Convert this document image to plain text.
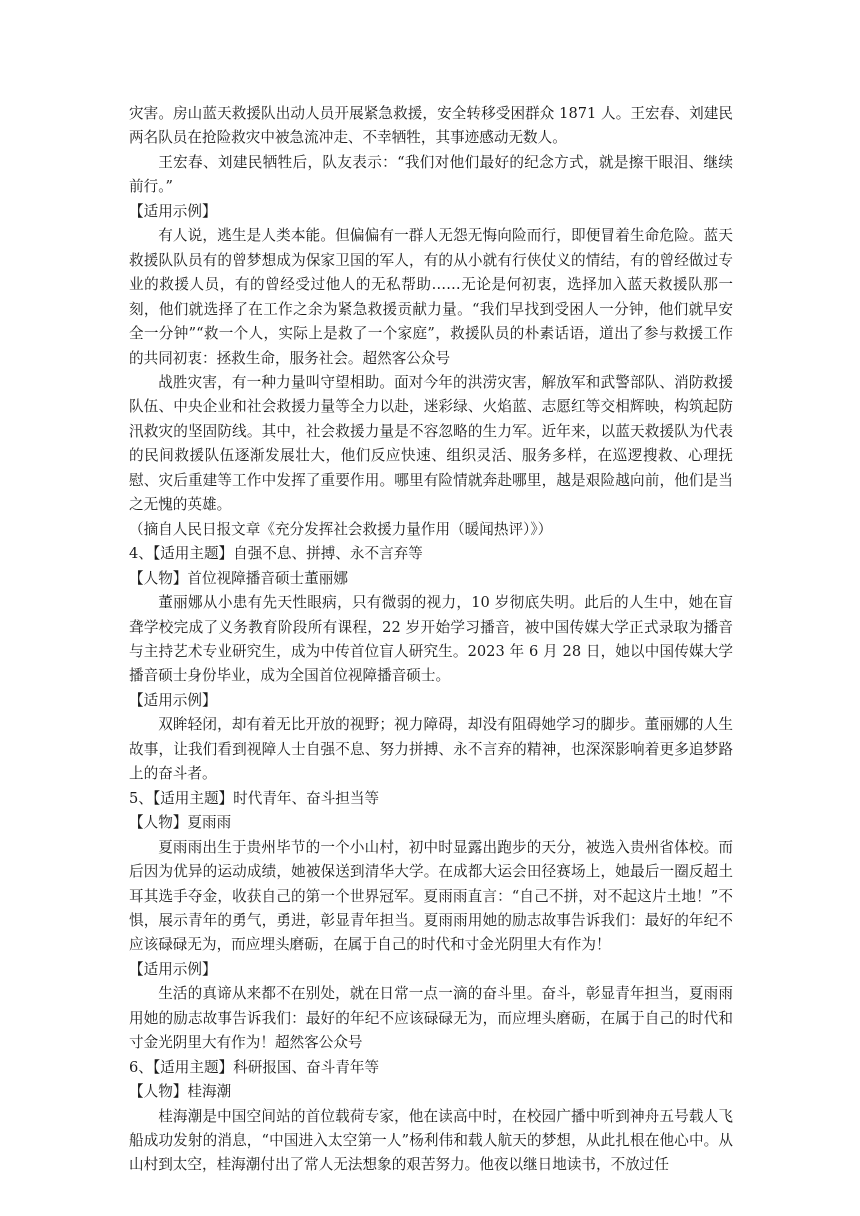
灾害。房山蓝天救援队出动人员开展紧急救援，安全转移受困群众 1871 人。王宏春、刘建民两名队员在抢险救灾中被急流冲走、不幸牺牲，其事迹感动无数人。

王宏春、刘建民牺牲后，队友表示：“我们对他们最好的纪念方式，就是擦干眼泪、继续前行。”

【适用示例】

有人说，逃生是人类本能。但偏偏有一群人无怨无悔向险而行，即便冒着生命危险。蓝天救援队队员有的曾梦想成为保家卫国的军人，有的从小就有行侠仗义的情结，有的曾经做过专业的救援人员，有的曾经受过他人的无私帮助……无论是何初衷，选择加入蓝天救援队那一刻，他们就选择了在工作之余为紧急救援贡献力量。“我们早找到受困人一分钟，他们就早安全一分钟”“救一个人，实际上是救了一个家庭”，救援队员的朴素话语，道出了参与救援工作的共同初衷：拯救生命，服务社会。超然客公众号

战胜灾害，有一种力量叫守望相助。面对今年的洪涝灾害，解放军和武警部队、消防救援队伍、中央企业和社会救援力量等全力以赴，迷彩绿、火焰蓝、志愿红等交相辉映，构筑起防汛救灾的坚固防线。其中，社会救援力量是不容忽略的生力军。近年来，以蓝天救援队为代表的民间救援队伍逐渐发展壮大，他们反应快速、组织灵活、服务多样，在巡逻搜救、心理抚慰、灾后重建等工作中发挥了重要作用。哪里有险情就奔赴哪里，越是艰险越向前，他们是当之无愧的英雄。

（摘自人民日报文章《充分发挥社会救援力量作用（暖闻热评）》）

4、【适用主题】自强不息、拼搏、永不言弃等

【人物】首位视障播音硕士董丽娜

董丽娜从小患有先天性眼病，只有微弱的视力，10 岁彻底失明。此后的人生中，她在盲聋学校完成了义务教育阶段所有课程，22 岁开始学习播音，被中国传媒大学正式录取为播音与主持艺术专业研究生，成为中传首位盲人研究生。2023 年 6 月 28 日，她以中国传媒大学播音硕士身份毕业，成为全国首位视障播音硕士。

【适用示例】

双眸轻闭，却有着无比开放的视野；视力障碍，却没有阻碍她学习的脚步。董丽娜的人生故事，让我们看到视障人士自强不息、努力拼搏、永不言弃的精神，也深深影响着更多追梦路上的奋斗者。

5、【适用主题】时代青年、奋斗担当等

【人物】夏雨雨

夏雨雨出生于贵州毕节的一个小山村，初中时显露出跑步的天分，被选入贵州省体校。而后因为优异的运动成绩，她被保送到清华大学。在成都大运会田径赛场上，她最后一圈反超土耳其选手夺金，收获自己的第一个世界冠军。夏雨雨直言：“自己不拼，对不起这片土地！”不惧，展示青年的勇气，勇进，彰显青年担当。夏雨雨用她的励志故事告诉我们：最好的年纪不应该碌碌无为，而应埋头磨砺，在属于自己的时代和寸金光阴里大有作为！

【适用示例】

生活的真谛从来都不在别处，就在日常一点一滴的奋斗里。奋斗，彰显青年担当，夏雨雨用她的励志故事告诉我们：最好的年纪不应该碌碌无为，而应埋头磨砺，在属于自己的时代和寸金光阴里大有作为！超然客公众号

6、【适用主题】科研报国、奋斗青年等

【人物】桂海潮

桂海潮是中国空间站的首位载荷专家，他在读高中时，在校园广播中听到神舟五号载人飞船成功发射的消息，“中国进入太空第一人”杨利伟和载人航天的梦想，从此扎根在他心中。从山村到太空，桂海潮付出了常人无法想象的艰苦努力。他夜以继日地读书，不放过任
